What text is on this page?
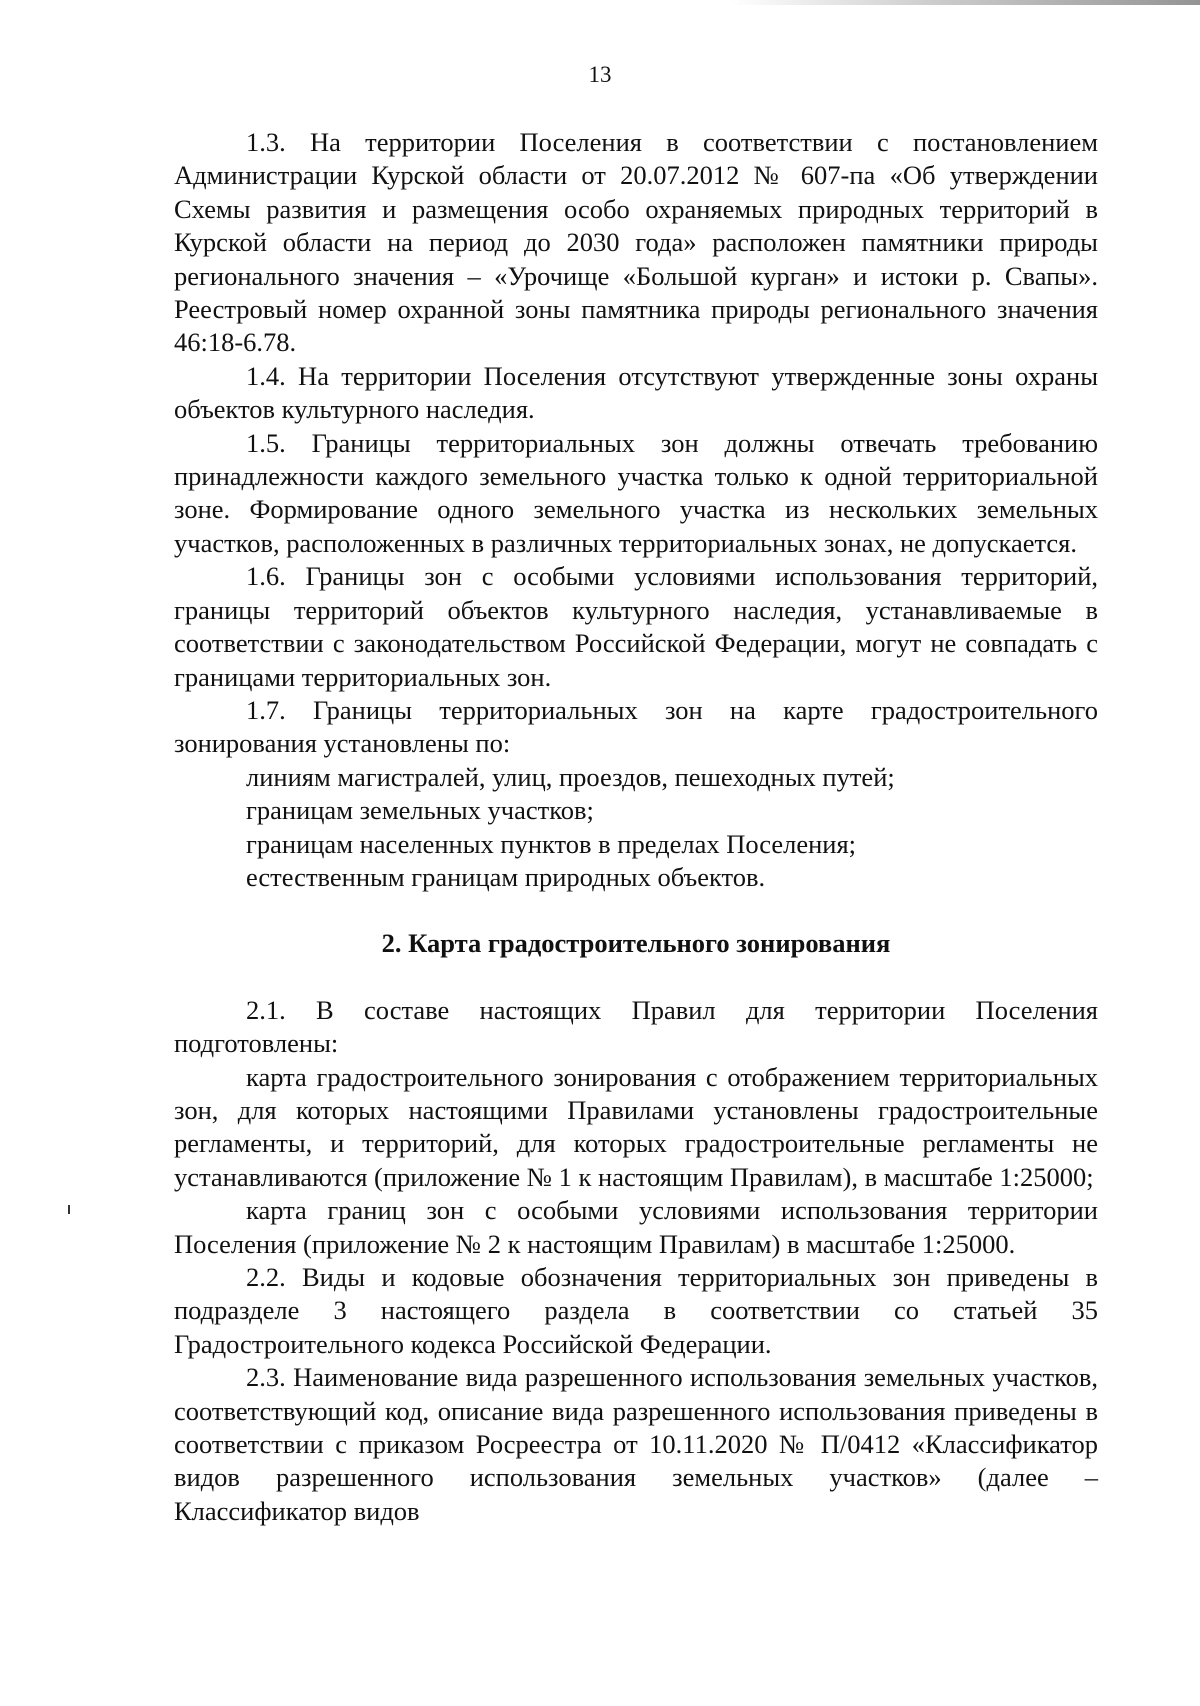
13

1.3. На территории Поселения в соответствии с постановлением Администрации Курской области от 20.07.2012 № 607-па «Об утверждении Схемы развития и размещения особо охраняемых природных территорий в Курской области на период до 2030 года» расположен памятники природы регионального значения – «Урочище «Большой курган» и истоки р. Свапы». Реестровый номер охранной зоны памятника природы регионального значения 46:18-6.78.

1.4. На территории Поселения отсутствуют утвержденные зоны охраны объектов культурного наследия.

1.5. Границы территориальных зон должны отвечать требованию принадлежности каждого земельного участка только к одной территориальной зоне. Формирование одного земельного участка из нескольких земельных участков, расположенных в различных территориальных зонах, не допускается.

1.6. Границы зон с особыми условиями использования территорий, границы территорий объектов культурного наследия, устанавливаемые в соответствии с законодательством Российской Федерации, могут не совпадать с границами территориальных зон.

1.7. Границы территориальных зон на карте градостроительного зонирования установлены по:

линиям магистралей, улиц, проездов, пешеходных путей;

границам земельных участков;

границам населенных пунктов в пределах Поселения;

естественным границам природных объектов.

2. Карта градостроительного зонирования

2.1. В составе настоящих Правил для территории Поселения подготовлены:

карта градостроительного зонирования с отображением территориальных зон, для которых настоящими Правилами установлены градостроительные регламенты, и территорий, для которых градостроительные регламенты не устанавливаются (приложение № 1 к настоящим Правилам), в масштабе 1:25000;

карта границ зон с особыми условиями использования территории Поселения (приложение № 2 к настоящим Правилам) в масштабе 1:25000.

2.2. Виды и кодовые обозначения территориальных зон приведены в подразделе 3 настоящего раздела в соответствии со статьей 35 Градостроительного кодекса Российской Федерации.

2.3. Наименование вида разрешенного использования земельных участков, соответствующий код, описание вида разрешенного использования приведены в соответствии с приказом Росреестра от 10.11.2020 № П/0412 «Классификатор видов разрешенного использования земельных участков» (далее – Классификатор видов
